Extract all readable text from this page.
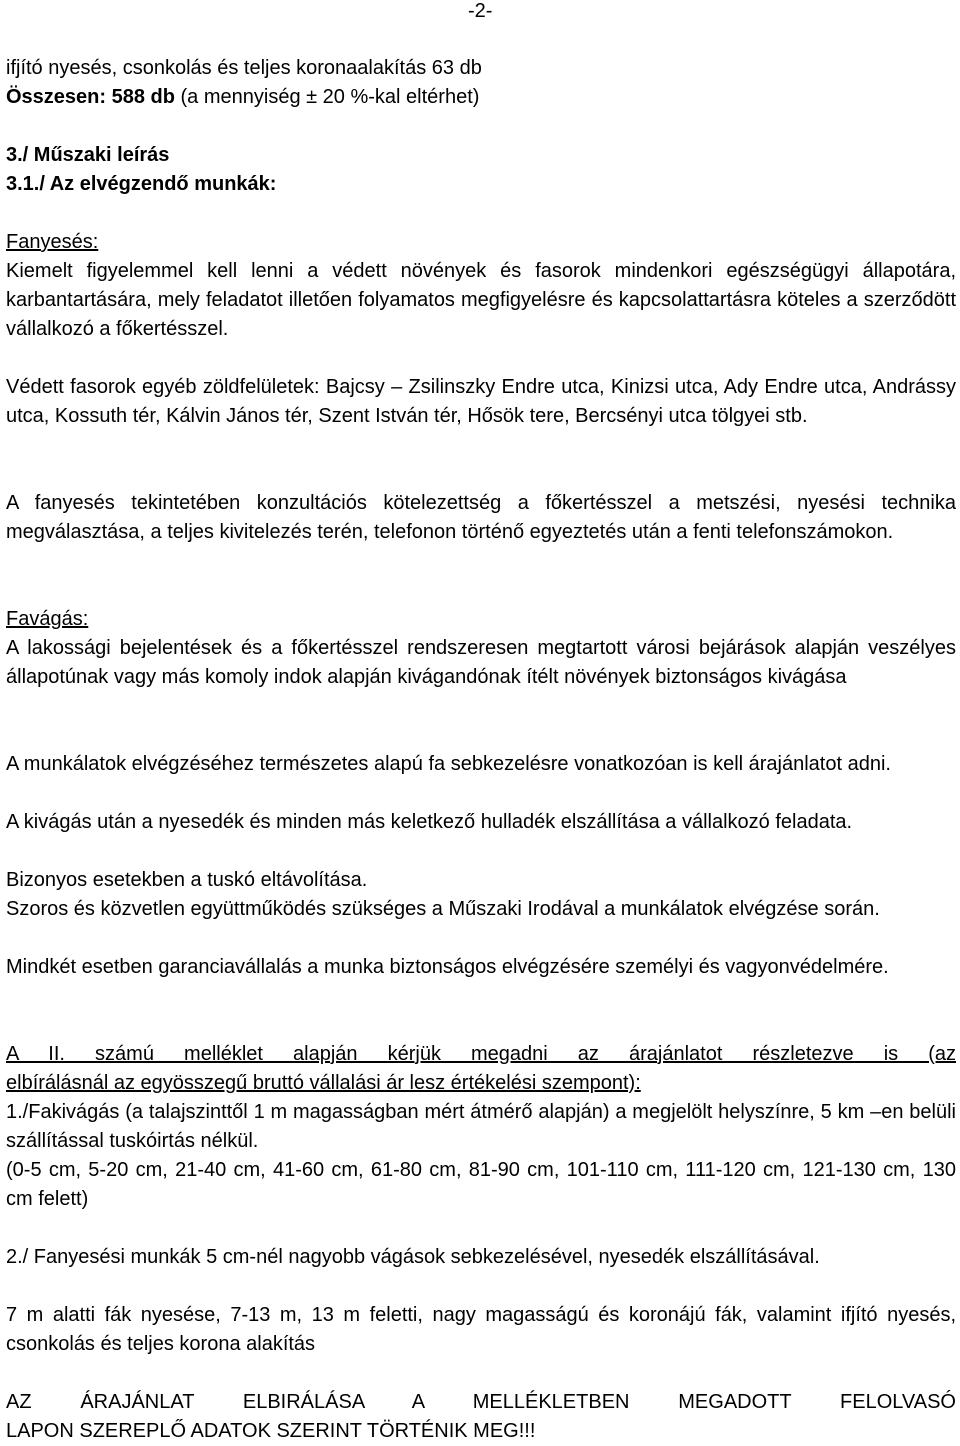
-2-
ifjító nyesés, csonkolás és teljes koronaalakítás 63 db
Összesen: 588 db (a mennyiség ± 20 %-kal eltérhet)
3./ Műszaki leírás
3.1./ Az elvégzendő munkák:
Fanyesés:
Kiemelt figyelemmel kell lenni a védett növények és fasorok mindenkori egészségügyi állapotára, karbantartására, mely feladatot illetően folyamatos megfigyelésre és kapcsolattartásra köteles a szerződött vállalkozó a főkertésszel.
Védett fasorok egyéb zöldfelületek: Bajcsy – Zsilinszky Endre utca, Kinizsi utca, Ady Endre utca, Andrássy utca, Kossuth tér, Kálvin János tér, Szent István tér, Hősök tere, Bercsényi utca tölgyei stb.
A fanyesés tekintetében konzultációs kötelezettség a főkertésszel a metszési, nyesési technika megválasztása, a teljes kivitelezés terén, telefonon történő egyeztetés után a fenti telefonszámokon.
Favágás:
A lakossági bejelentések és a főkertésszel rendszeresen megtartott városi bejárások alapján veszélyes állapotúnak vagy más komoly indok alapján kivágandónak ítélt növények biztonságos kivágása
A munkálatok elvégzéséhez természetes alapú fa sebkezelésre vonatkozóan is kell árajánlatot adni.
A kivágás után a nyesedék és minden más keletkező hulladék elszállítása a vállalkozó feladata.
Bizonyos esetekben a tuskó eltávolítása.
Szoros és közvetlen együttműködés szükséges a Műszaki Irodával a munkálatok elvégzése során.
Mindkét esetben garanciavállalás a munka biztonságos elvégzésére személyi és vagyonvédelmére.
A II. számú melléklet alapján kérjük megadni az árajánlatot részletezve is (az
elbírálásnál az egyösszegű bruttó vállalási ár lesz értékelési szempont):
1./Fakivágás (a talajszinttől 1 m magasságban mért átmérő alapján) a megjelölt helyszínre, 5 km –en belüli szállítással tuskóirtás nélkül.
(0-5 cm, 5-20 cm, 21-40 cm, 41-60 cm, 61-80 cm, 81-90 cm, 101-110 cm, 111-120 cm, 121-130 cm, 130 cm felett)
2./ Fanyesési munkák 5 cm-nél nagyobb vágások sebkezelésével, nyesedék elszállításával.
7 m alatti fák nyesése, 7-13 m, 13 m feletti, nagy magasságú és koronájú fák, valamint ifjító nyesés, csonkolás és teljes korona alakítás
AZ ÁRAJÁNLAT ELBIRÁLÁSA A MELLÉKLETBEN MEGADOTT FELOLVASÓ
LAPON SZEREPLŐ ADATOK SZERINT TÖRTÉNIK MEG!!!
